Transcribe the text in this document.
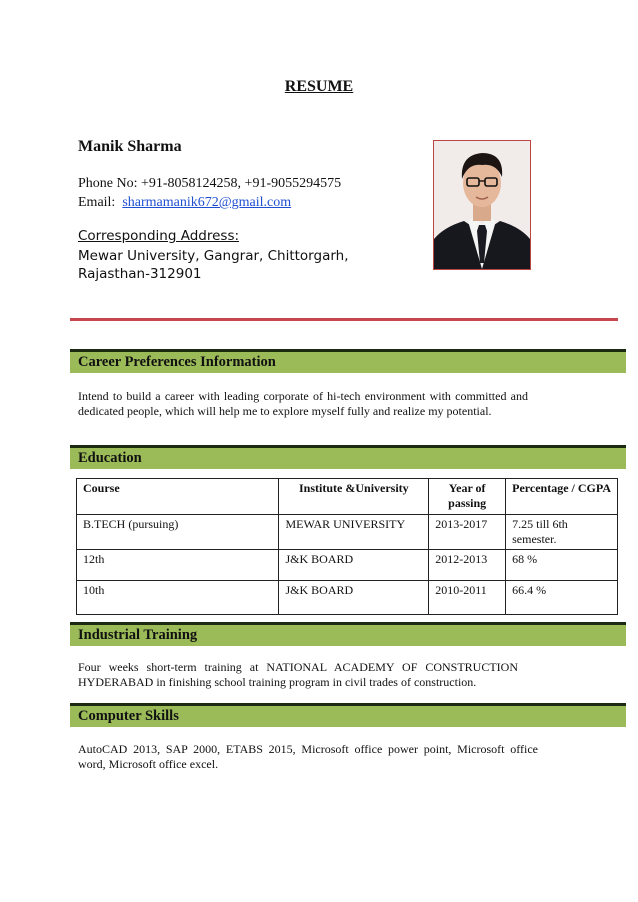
RESUME
Manik Sharma
Phone No: +91-8058124258, +91-9055294575
Email: sharmamanik672@gmail.com
Corresponding Address:
Mewar University, Gangrar, Chittorgarh,
Rajasthan-312901
Career Preferences Information
Intend to build a career with leading corporate of hi-tech environment with committed and dedicated people, which will help me to explore myself fully and realize my potential.
Education
Course	Institute &University	Year of passing	Percentage / CGPA
B.TECH (pursuing)	MEWAR UNIVERSITY	2013-2017	7.25 till 6th semester.
12th	J&K BOARD	2012-2013	68 %
10th	J&K BOARD	2010-2011	66.4 %
Industrial Training
Four weeks short-term training at NATIONAL ACADEMY OF CONSTRUCTION HYDERABAD in finishing school training program in civil trades of construction.
Computer Skills
AutoCAD 2013, SAP 2000, ETABS 2015, Microsoft office power point, Microsoft office word, Microsoft office excel.
